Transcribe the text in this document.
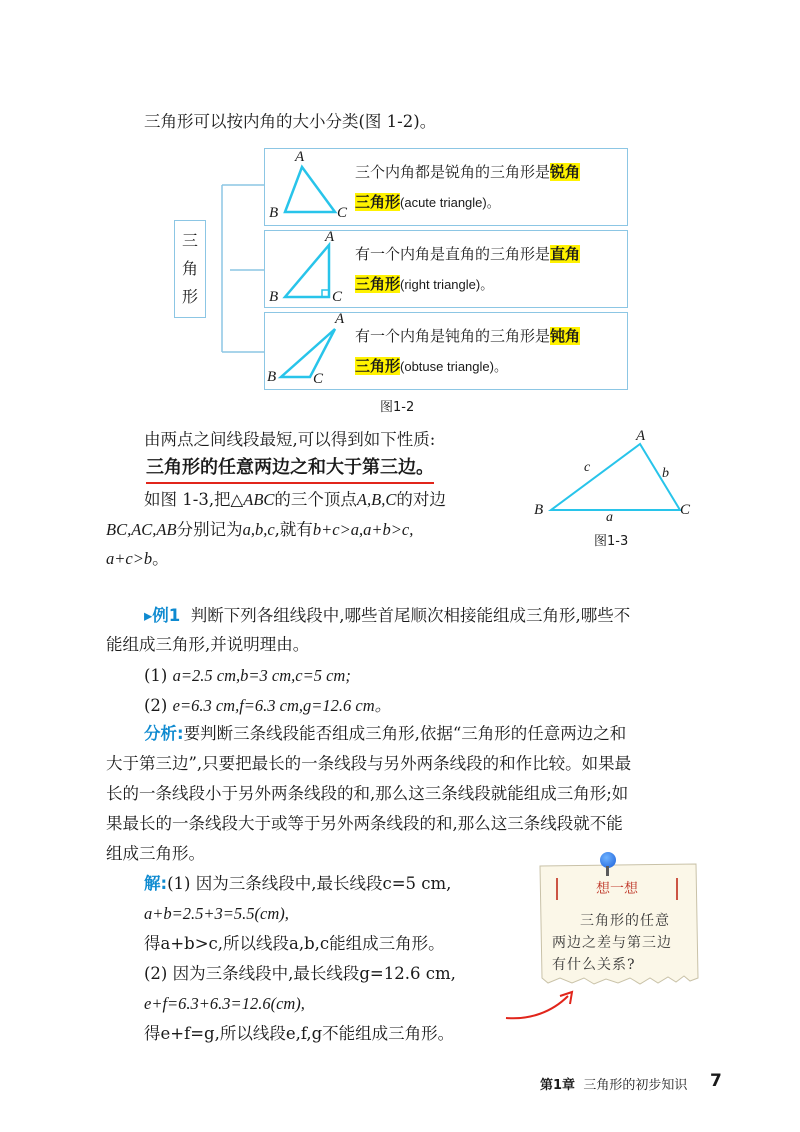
三角形可以按内角的大小分类(图 1-2)。
三
角
形
A
B	C
三个内角都是锐角的三角形是锐角
三角形(acute triangle)。
A
B	C
有一个内角是直角的三角形是直角
三角形(right triangle)。
A
B C
有一个内角是钝角的三角形是钝角
三角形(obtuse triangle)。
图1-2
由两点之间线段最短,可以得到如下性质:
三角形的任意两边之和大于第三边。
A
B	C
c	b
a
图1-3
如图 1-3,把△ABC的三个顶点A,B,C的对边
BC,AC,AB分别记为a,b,c,就有b+c>a,a+b>c,
a+c>b。
▸例1 判断下列各组线段中,哪些首尾顺次相接能组成三角形,哪些不
能组成三角形,并说明理由。
(1) a=2.5 cm,b=3 cm,c=5 cm;
(2) e=6.3 cm,f=6.3 cm,g=12.6 cm。
分析:要判断三条线段能否组成三角形,依据“三角形的任意两边之和
大于第三边”,只要把最长的一条线段与另外两条线段的和作比较。如果最
长的一条线段小于另外两条线段的和,那么这三条线段就能组成三角形;如
果最长的一条线段大于或等于另外两条线段的和,那么这三条线段就不能
组成三角形。
解:(1) 因为三条线段中,最长线段c=5 cm,
a+b=2.5+3=5.5(cm),
得a+b>c,所以线段a,b,c能组成三角形。
(2) 因为三条线段中,最长线段g=12.6 cm,
e+f=6.3+6.3=12.6(cm),
得e+f=g,所以线段e,f,g不能组成三角形。
想一想
三角形的任意
两边之差与第三边
有什么关系?
第1章 三角形的初步知识 7
